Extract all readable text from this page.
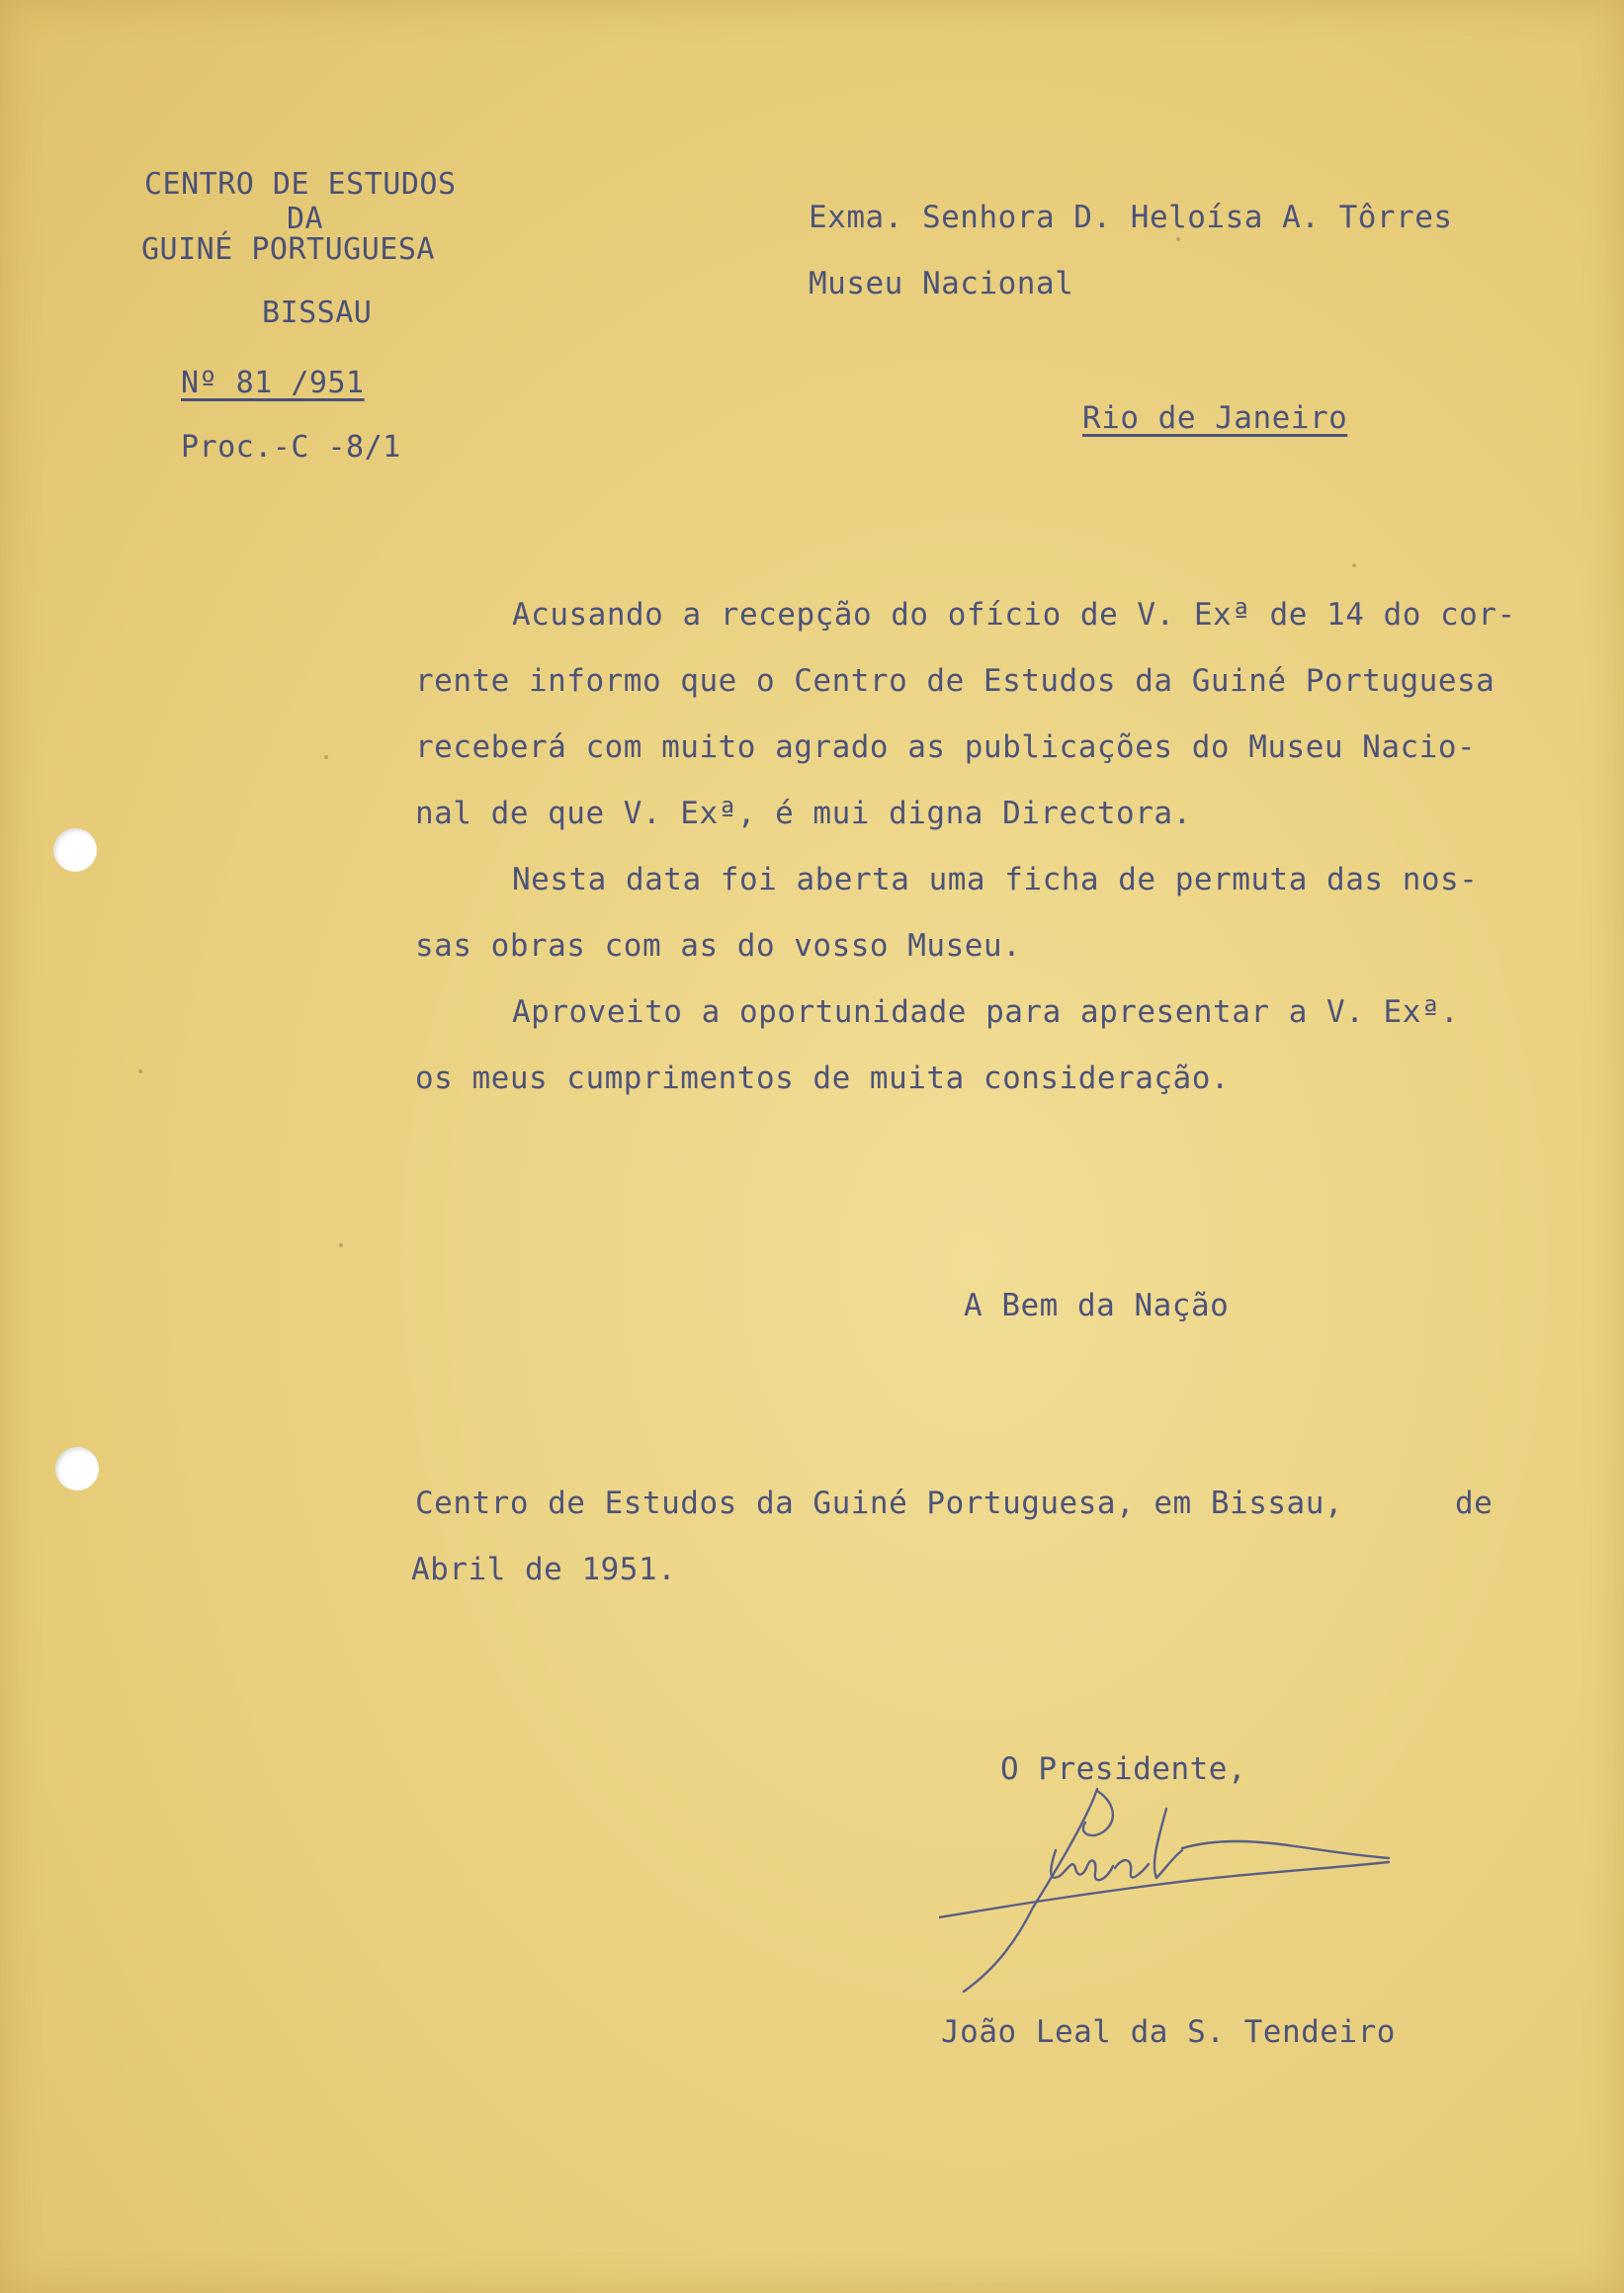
CENTRO DE ESTUDOS
DA
GUINÉ PORTUGUESA
BISSAU
Nº 81 /951
Proc.-C -8/1
Exma. Senhora D. Heloísa A. Tôrres
Museu Nacional
Rio de Janeiro
Acusando a recepção do ofício de V. Exª de 14 do cor-
rente informo que o Centro de Estudos da Guiné Portuguesa
receberá com muito agrado as publicações do Museu Nacio-
nal de que V. Exª, é mui digna Directora.
Nesta data foi aberta uma ficha de permuta das nos-
sas obras com as do vosso Museu.
Aproveito a oportunidade para apresentar a V. Exª.
os meus cumprimentos de muita consideração.
A Bem da Nação
Centro de Estudos da Guiné Portuguesa, em Bissau,	de
Abril de 1951.
O Presidente,
João Leal da S. Tendeiro
